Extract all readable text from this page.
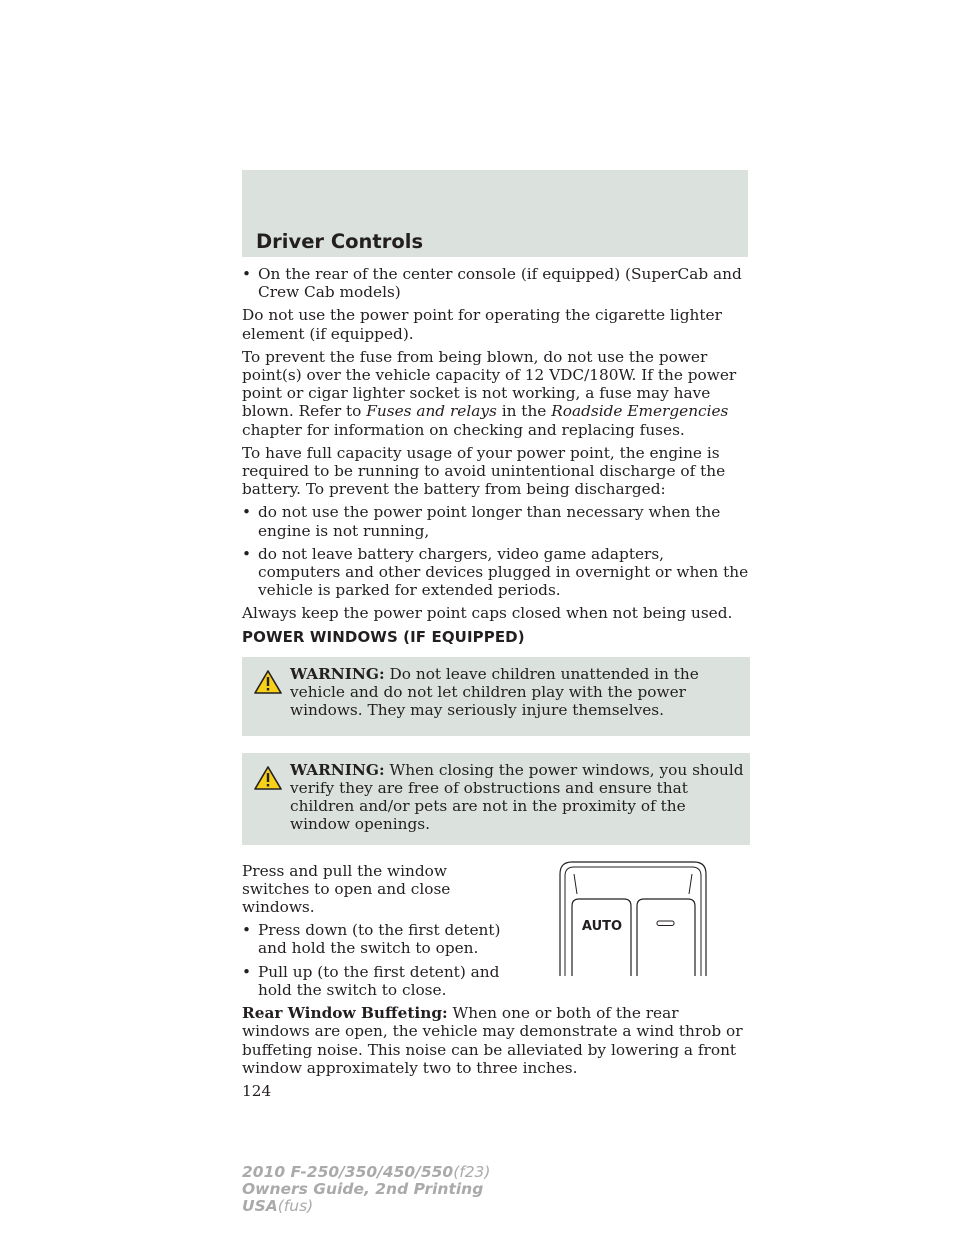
Driver Controls
• On the rear of the center console (if equipped) (SuperCab and Crew Cab models)

Do not use the power point for operating the cigarette lighter element (if equipped).

To prevent the fuse from being blown, do not use the power point(s) over the vehicle capacity of 12 VDC/180W. If the power point or cigar lighter socket is not working, a fuse may have blown. Refer to Fuses and relays in the Roadside Emergencies chapter for information on checking and replacing fuses.

To have full capacity usage of your power point, the engine is required to be running to avoid unintentional discharge of the battery. To prevent the battery from being discharged:

• do not use the power point longer than necessary when the engine is not running,
• do not leave battery chargers, video game adapters, computers and other devices plugged in overnight or when the vehicle is parked for extended periods.

Always keep the power point caps closed when not being used.

POWER WINDOWS (IF EQUIPPED)
WARNING: Do not leave children unattended in the vehicle and do not let children play with the power windows. They may seriously injure themselves.
WARNING: When closing the power windows, you should verify they are free of obstructions and ensure that children and/or pets are not in the proximity of the window openings.

Press and pull the window switches to open and close windows.

• Press down (to the first detent) and hold the switch to open.
• Pull up (to the first detent) and hold the switch to close.
AUTO

Rear Window Buffeting: When one or both of the rear windows are open, the vehicle may demonstrate a wind throb or buffeting noise. This noise can be alleviated by lowering a front window approximately two to three inches.

124
2010 F-250/350/450/550(f23)
Owners Guide, 2nd Printing
USA(fus)
